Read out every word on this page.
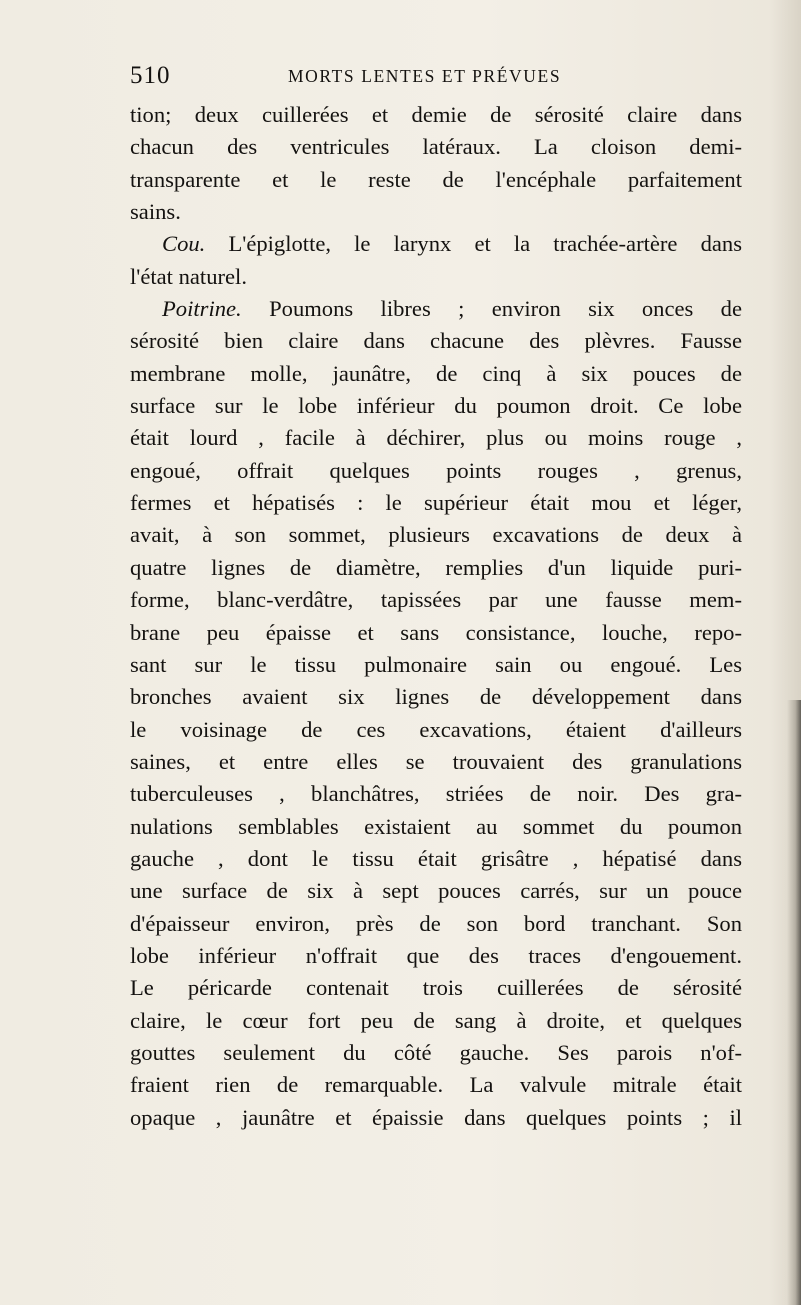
510	MORTS LENTES ET PRÉVUES
tion; deux cuillerées et demie de sérosité claire dans
chacun des ventricules latéraux. La cloison demi-
transparente et le reste de l'encéphale parfaitement
sains.
Cou. L'épiglotte, le larynx et la trachée-artère dans
l'état naturel.
Poitrine. Poumons libres ; environ six onces de
sérosité bien claire dans chacune des plèvres. Fausse
membrane molle, jaunâtre, de cinq à six pouces de
surface sur le lobe inférieur du poumon droit. Ce lobe
était lourd , facile à déchirer, plus ou moins rouge ,
engoué, offrait quelques points rouges , grenus,
fermes et hépatisés : le supérieur était mou et léger,
avait, à son sommet, plusieurs excavations de deux à
quatre lignes de diamètre, remplies d'un liquide puri-
forme, blanc-verdâtre, tapissées par une fausse mem-
brane peu épaisse et sans consistance, louche, repo-
sant sur le tissu pulmonaire sain ou engoué. Les
bronches avaient six lignes de développement dans
le voisinage de ces excavations, étaient d'ailleurs
saines, et entre elles se trouvaient des granulations
tuberculeuses , blanchâtres, striées de noir. Des gra-
nulations semblables existaient au sommet du poumon
gauche , dont le tissu était grisâtre , hépatisé dans
une surface de six à sept pouces carrés, sur un pouce
d'épaisseur environ, près de son bord tranchant. Son
lobe inférieur n'offrait que des traces d'engouement.
Le péricarde contenait trois cuillerées de sérosité
claire, le cœur fort peu de sang à droite, et quelques
gouttes seulement du côté gauche. Ses parois n'of-
fraient rien de remarquable. La valvule mitrale était
opaque , jaunâtre et épaissie dans quelques points ; il
